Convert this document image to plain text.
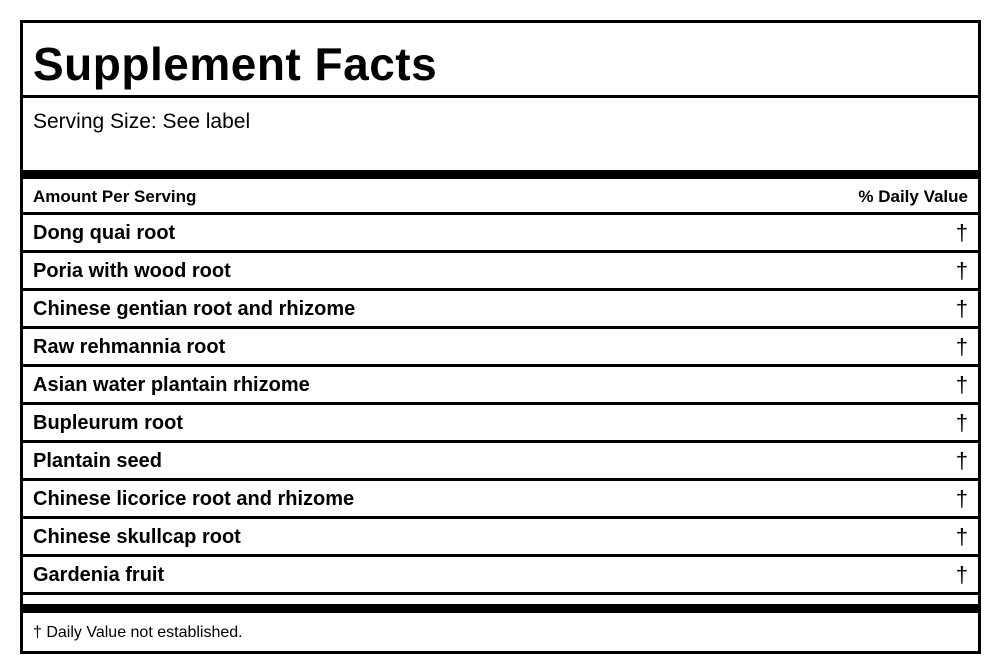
Supplement Facts
Serving Size: See label
Amount Per Serving	% Daily Value
Dong quai root	†
Poria with wood root	†
Chinese gentian root and rhizome	†
Raw rehmannia root	†
Asian water plantain rhizome	†
Bupleurum root	†
Plantain seed	†
Chinese licorice root and rhizome	†
Chinese skullcap root	†
Gardenia fruit	†
† Daily Value not established.
